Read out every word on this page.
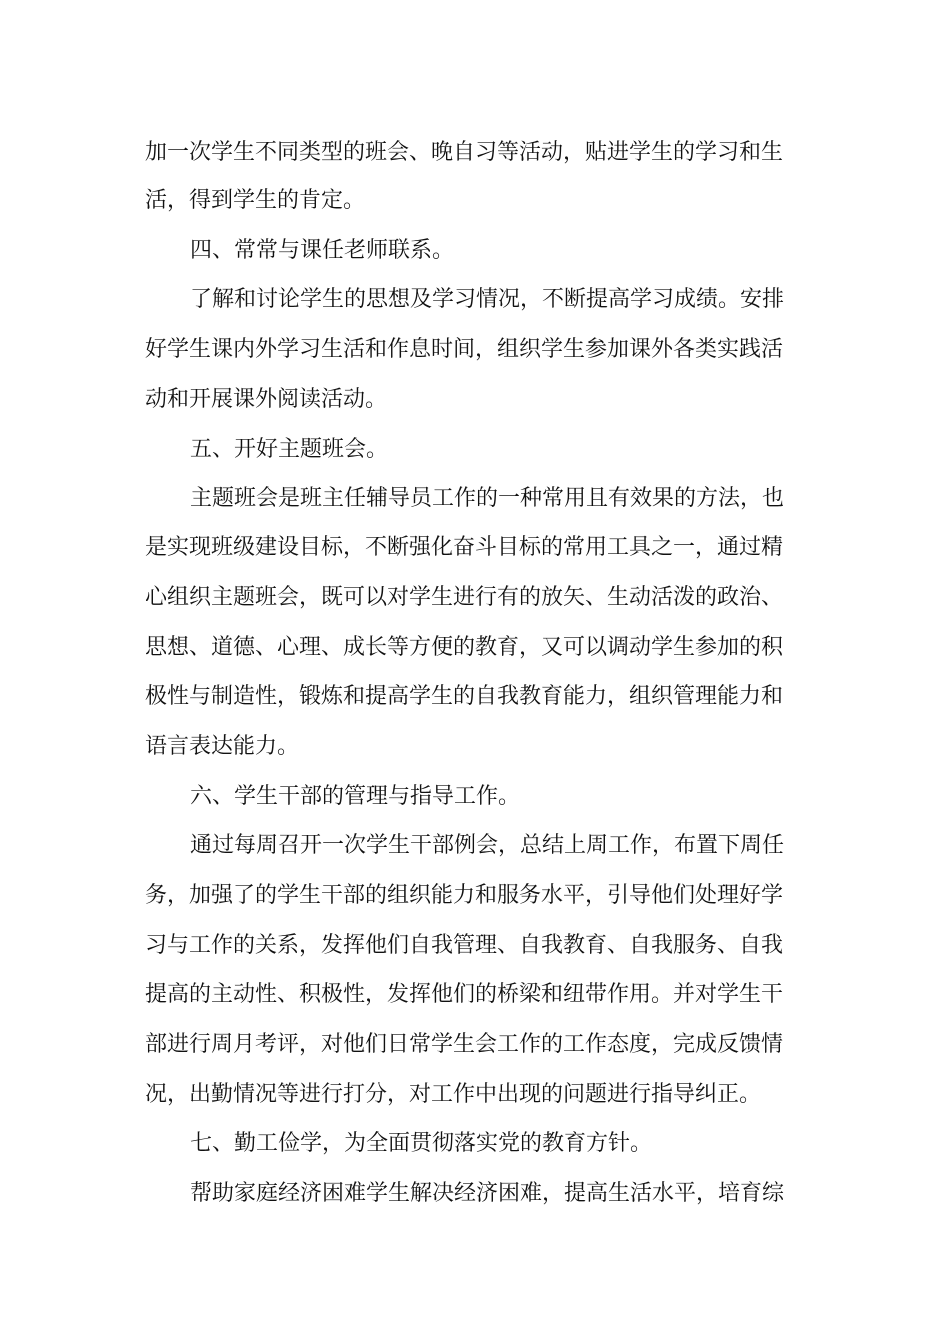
加一次学生不同类型的班会、晚自习等活动，贴进学生的学习和生
活，得到学生的肯定。
四、常常与课任老师联系。
了解和讨论学生的思想及学习情况，不断提高学习成绩。安排
好学生课内外学习生活和作息时间，组织学生参加课外各类实践活
动和开展课外阅读活动。
五、开好主题班会。
主题班会是班主任辅导员工作的一种常用且有效果的方法，也
是实现班级建设目标，不断强化奋斗目标的常用工具之一，通过精
心组织主题班会，既可以对学生进行有的放矢、生动活泼的政治、
思想、道德、心理、成长等方便的教育，又可以调动学生参加的积
极性与制造性，锻炼和提高学生的自我教育能力，组织管理能力和
语言表达能力。
六、学生干部的管理与指导工作。
通过每周召开一次学生干部例会，总结上周工作，布置下周任
务，加强了的学生干部的组织能力和服务水平，引导他们处理好学
习与工作的关系，发挥他们自我管理、自我教育、自我服务、自我
提高的主动性、积极性，发挥他们的桥梁和纽带作用。并对学生干
部进行周月考评，对他们日常学生会工作的工作态度，完成反馈情
况，出勤情况等进行打分，对工作中出现的问题进行指导纠正。
七、勤工俭学，为全面贯彻落实党的教育方针。
帮助家庭经济困难学生解决经济困难，提高生活水平，培育综
